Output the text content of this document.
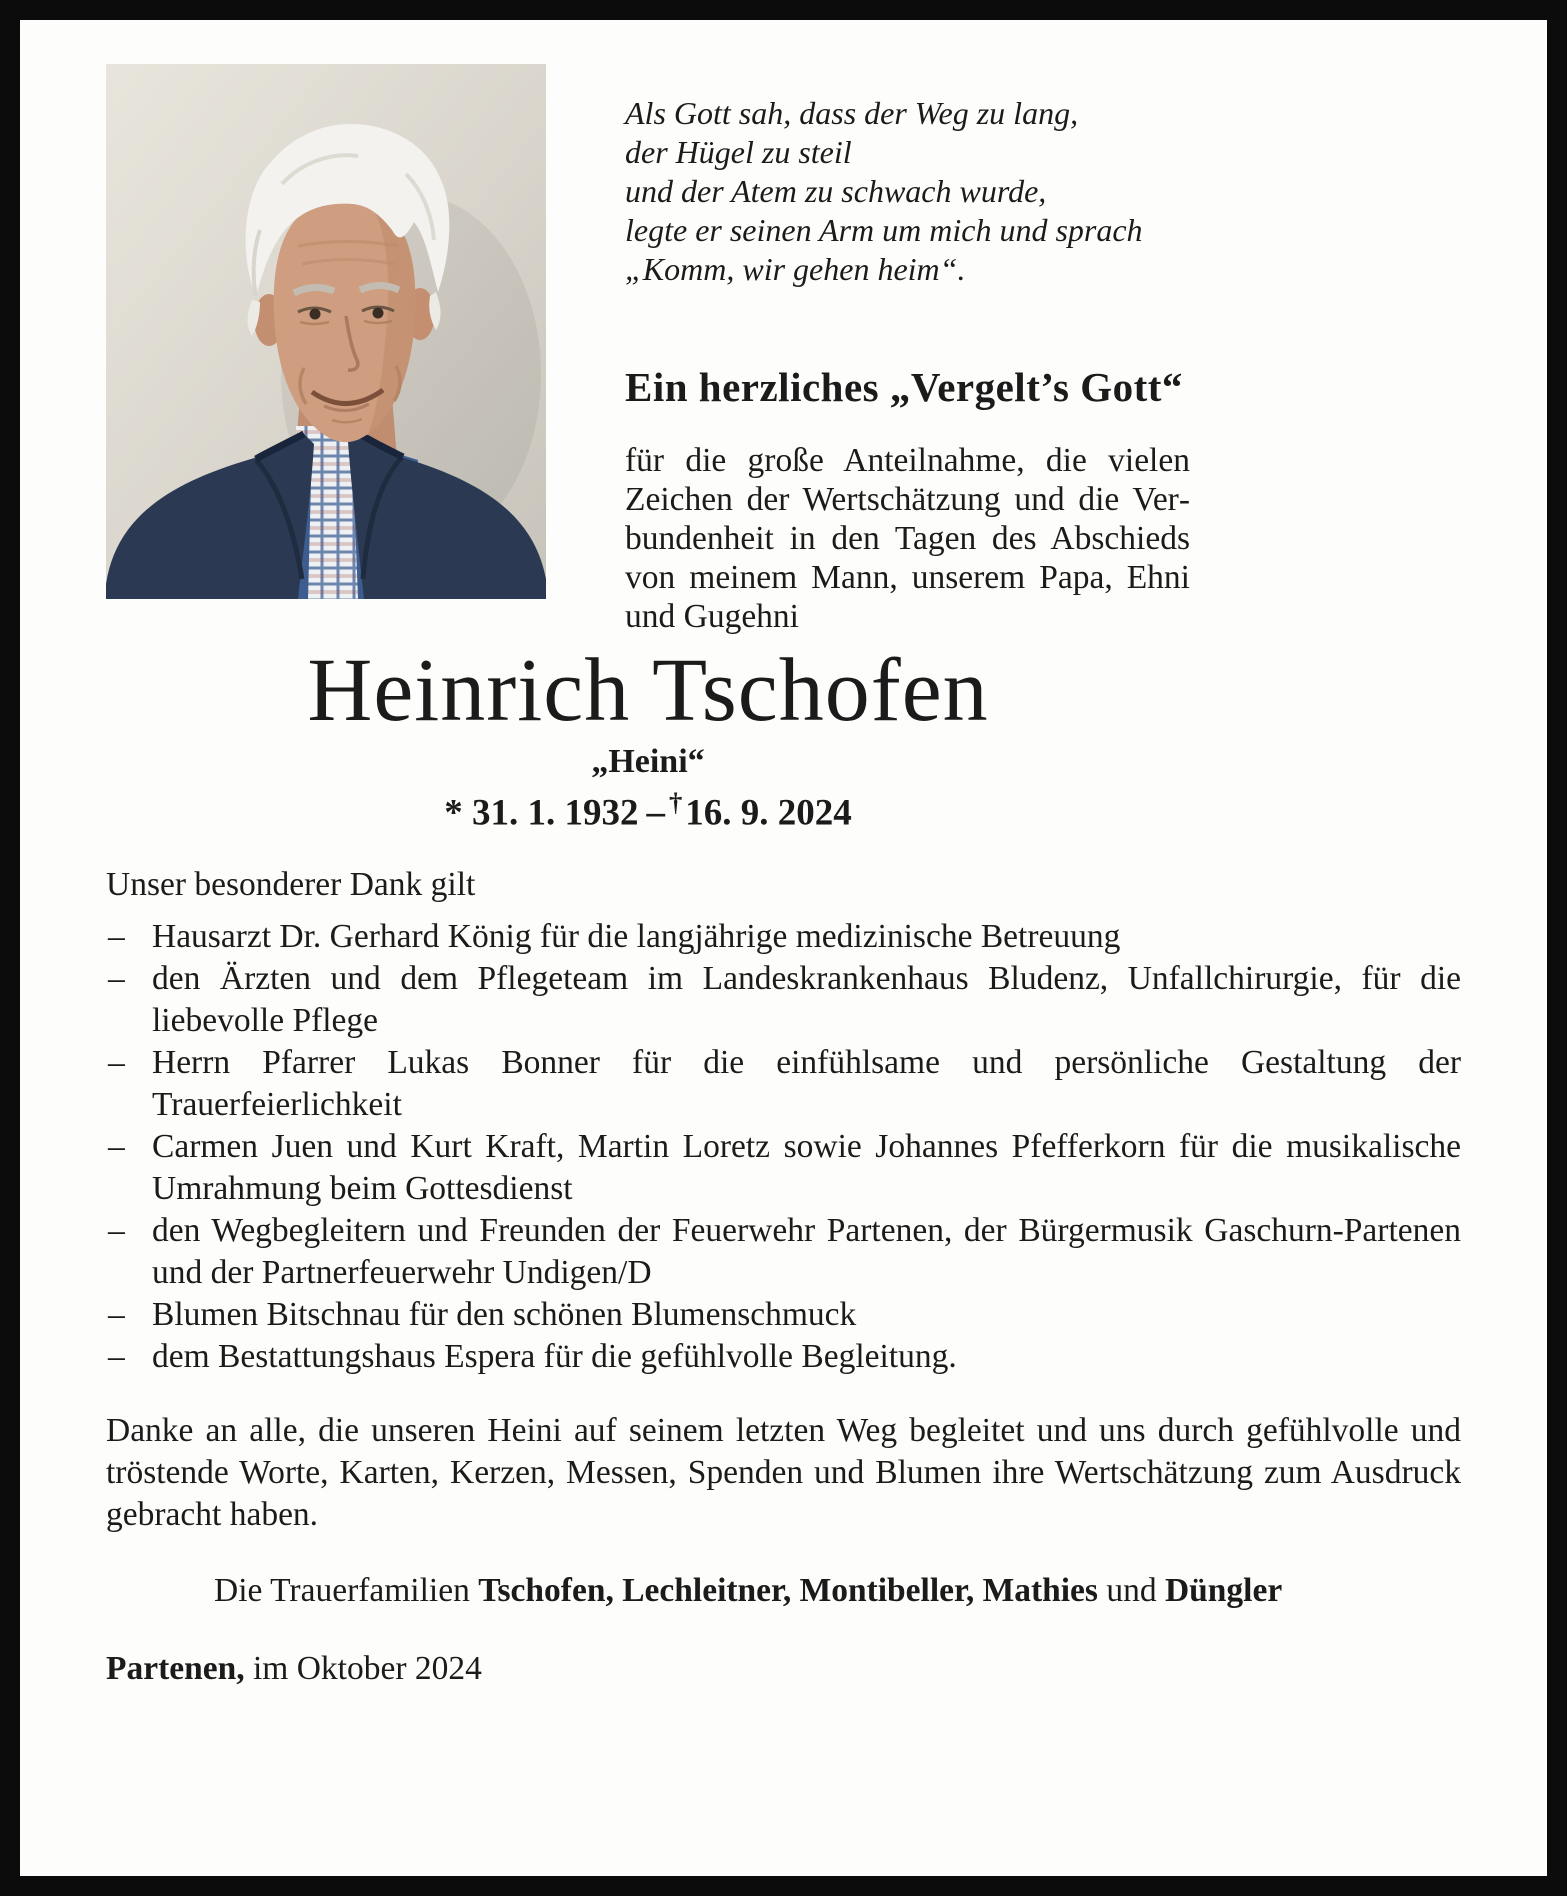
Als Gott sah, dass der Weg zu lang,
der Hügel zu steil
und der Atem zu schwach wurde,
legte er seinen Arm um mich und sprach
„Komm, wir gehen heim“.
Ein herzliches „Vergelt’s Gott“
für die große Anteilnahme, die vielen Zeichen der Wertschätzung und die Verbundenheit in den Tagen des Abschieds von meinem Mann, unserem Papa, Ehni und Gugehni
Heinrich Tschofen
„Heini“
* 31. 1. 1932 – †16. 9. 2024
Unser besonderer Dank gilt
– Hausarzt Dr. Gerhard König für die langjährige medizinische Betreuung
– den Ärzten und dem Pflegeteam im Landeskrankenhaus Bludenz, Unfallchirurgie, für die liebevolle Pflege
– Herrn Pfarrer Lukas Bonner für die einfühlsame und persönliche Gestaltung der Trauerfeierlichkeit
– Carmen Juen und Kurt Kraft, Martin Loretz sowie Johannes Pfefferkorn für die musikalische Umrahmung beim Gottesdienst
– den Wegbegleitern und Freunden der Feuerwehr Partenen, der Bürgermusik Gaschurn-Partenen und der Partnerfeuerwehr Undigen/D
– Blumen Bitschnau für den schönen Blumenschmuck
– dem Bestattungshaus Espera für die gefühlvolle Begleitung.

Danke an alle, die unseren Heini auf seinem letzten Weg begleitet und uns durch gefühlvolle und tröstende Worte, Karten, Kerzen, Messen, Spenden und Blumen ihre Wertschätzung zum Ausdruck gebracht haben.

Die Trauerfamilien Tschofen, Lechleitner, Montibeller, Mathies und Düngler

Partenen, im Oktober 2024
